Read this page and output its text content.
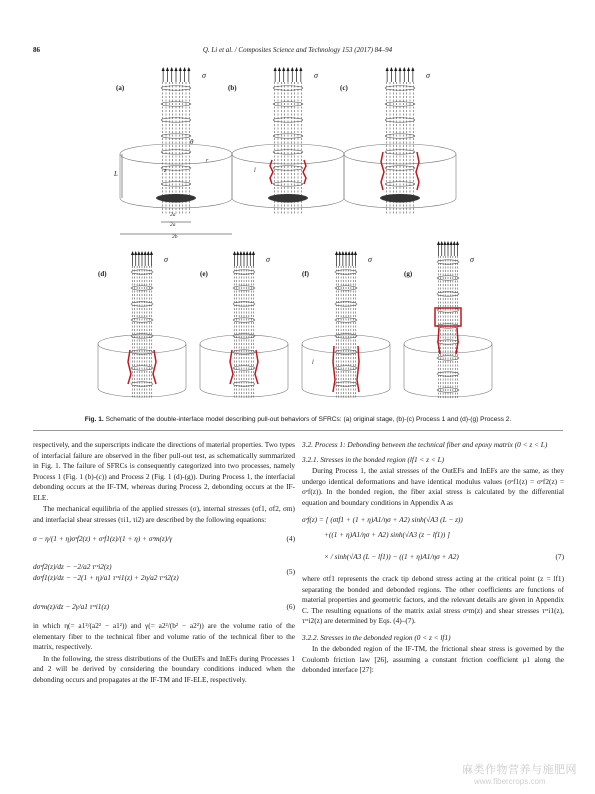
86	Q. Li et al. / Composites Science and Technology 153 (2017) 84–94
(a)
σ
θ
r
z
L
2a
2a
2b
(b)
σ
l
(c)
σ
(d)
σ
(e)
σ
(f)
σ
l
(g)
σ
Fig. 1. Schematic of the double-interface model describing pull-out behaviors of SFRCs: (a) original stage, (b)-(c) Process 1 and (d)-(g) Process 2.

respectively, and the superscripts indicate the directions of material properties. Two types of interfacial failure are observed in the fiber pull-out test, as schematically summarized in Fig. 1. The failure of SFRCs is consequently categorized into two processes, namely Process 1 (Fig. 1 (b)-(c)) and Process 2 (Fig. 1 (d)-(g)). During Process 1, the interfacial debonding occurs at the IF-TM, whereas during Process 2, debonding occurs at the IF-ELE.

The mechanical equilibria of the applied stresses (σ), internal stresses (σf1, σf2, σm) and interfacial shear stresses (τi1, τi2) are described by the following equations:

σ − η/(1 + η)σᶻf2(z) + σᶻf1(z)/(1 + η) + σᶻm(z)/γ	(4)
dσᶻf2(z)/dz − −2/a2 τʳᶻi2(z)
dσᶻf1(z)/dz − −2(1 + η)/a1 τʳᶻi1(z) + 2η/a2 τʳᶻi2(z)
(5)
dσᶻm(z)/dz − 2γ/a1 τʳᶻi1(z)	(6)

in which η(= a1²/(a2² − a1²)) and γ(= a2²/(b² − a2²)) are the volume ratio of the elementary fiber to the technical fiber and volume ratio of the technical fiber to the matrix, respectively.

In the following, the stress distributions of the OutEFs and InEFs during Processes 1 and 2 will be derived by considering the boundary conditions induced when the debonding occurs and propagates at the IF-TM and IF-ELE, respectively.

3.2. Process 1: Debonding between the technical fiber and epoxy matrix (0 < z < L)

3.2.1. Stresses in the bonded region (lf1 < z < L)

During Process 1, the axial stresses of the OutEFs and InEFs are the same, as they undergo identical deformations and have identical modulus values (σᶻf1(z) = σᶻf2(z) = σᶻf(z)). In the bonded region, the fiber axial stress is calculated by the differential equation and boundary conditions in Appendix A as

σᶻf(z) = [ (σtf1 + (1 + η)A1/ησ + A2) sinh(√A3 (L − z))
+((1 + η)A1/ησ + A2) sinh(√A3 (z − lf1)) ]
× / sinh(√A3 (L − lf1)) − ((1 + η)A1/ησ + A2)	(7)

where σtf1 represents the crack tip debond stress acting at the critical point (z = lf1) separating the bonded and debonded regions. The other coefficients are functions of material properties and geometric factors, and the relevant details are given in Appendix C. The resulting equations of the matrix axial stress σᶻm(z) and shear stresses τʳᶻi1(z), τʳᶻi2(z) are determined by Eqs. (4)–(7).

3.2.2. Stresses in the debonded region (0 < z < lf1)

In the debonded region of the IF-TM, the frictional shear stress is governed by the Coulomb friction law [26], assuming a constant friction coefficient μ1 along the debonded interface [27]:

麻类作物营养与施肥网
www.fibercrops.com
